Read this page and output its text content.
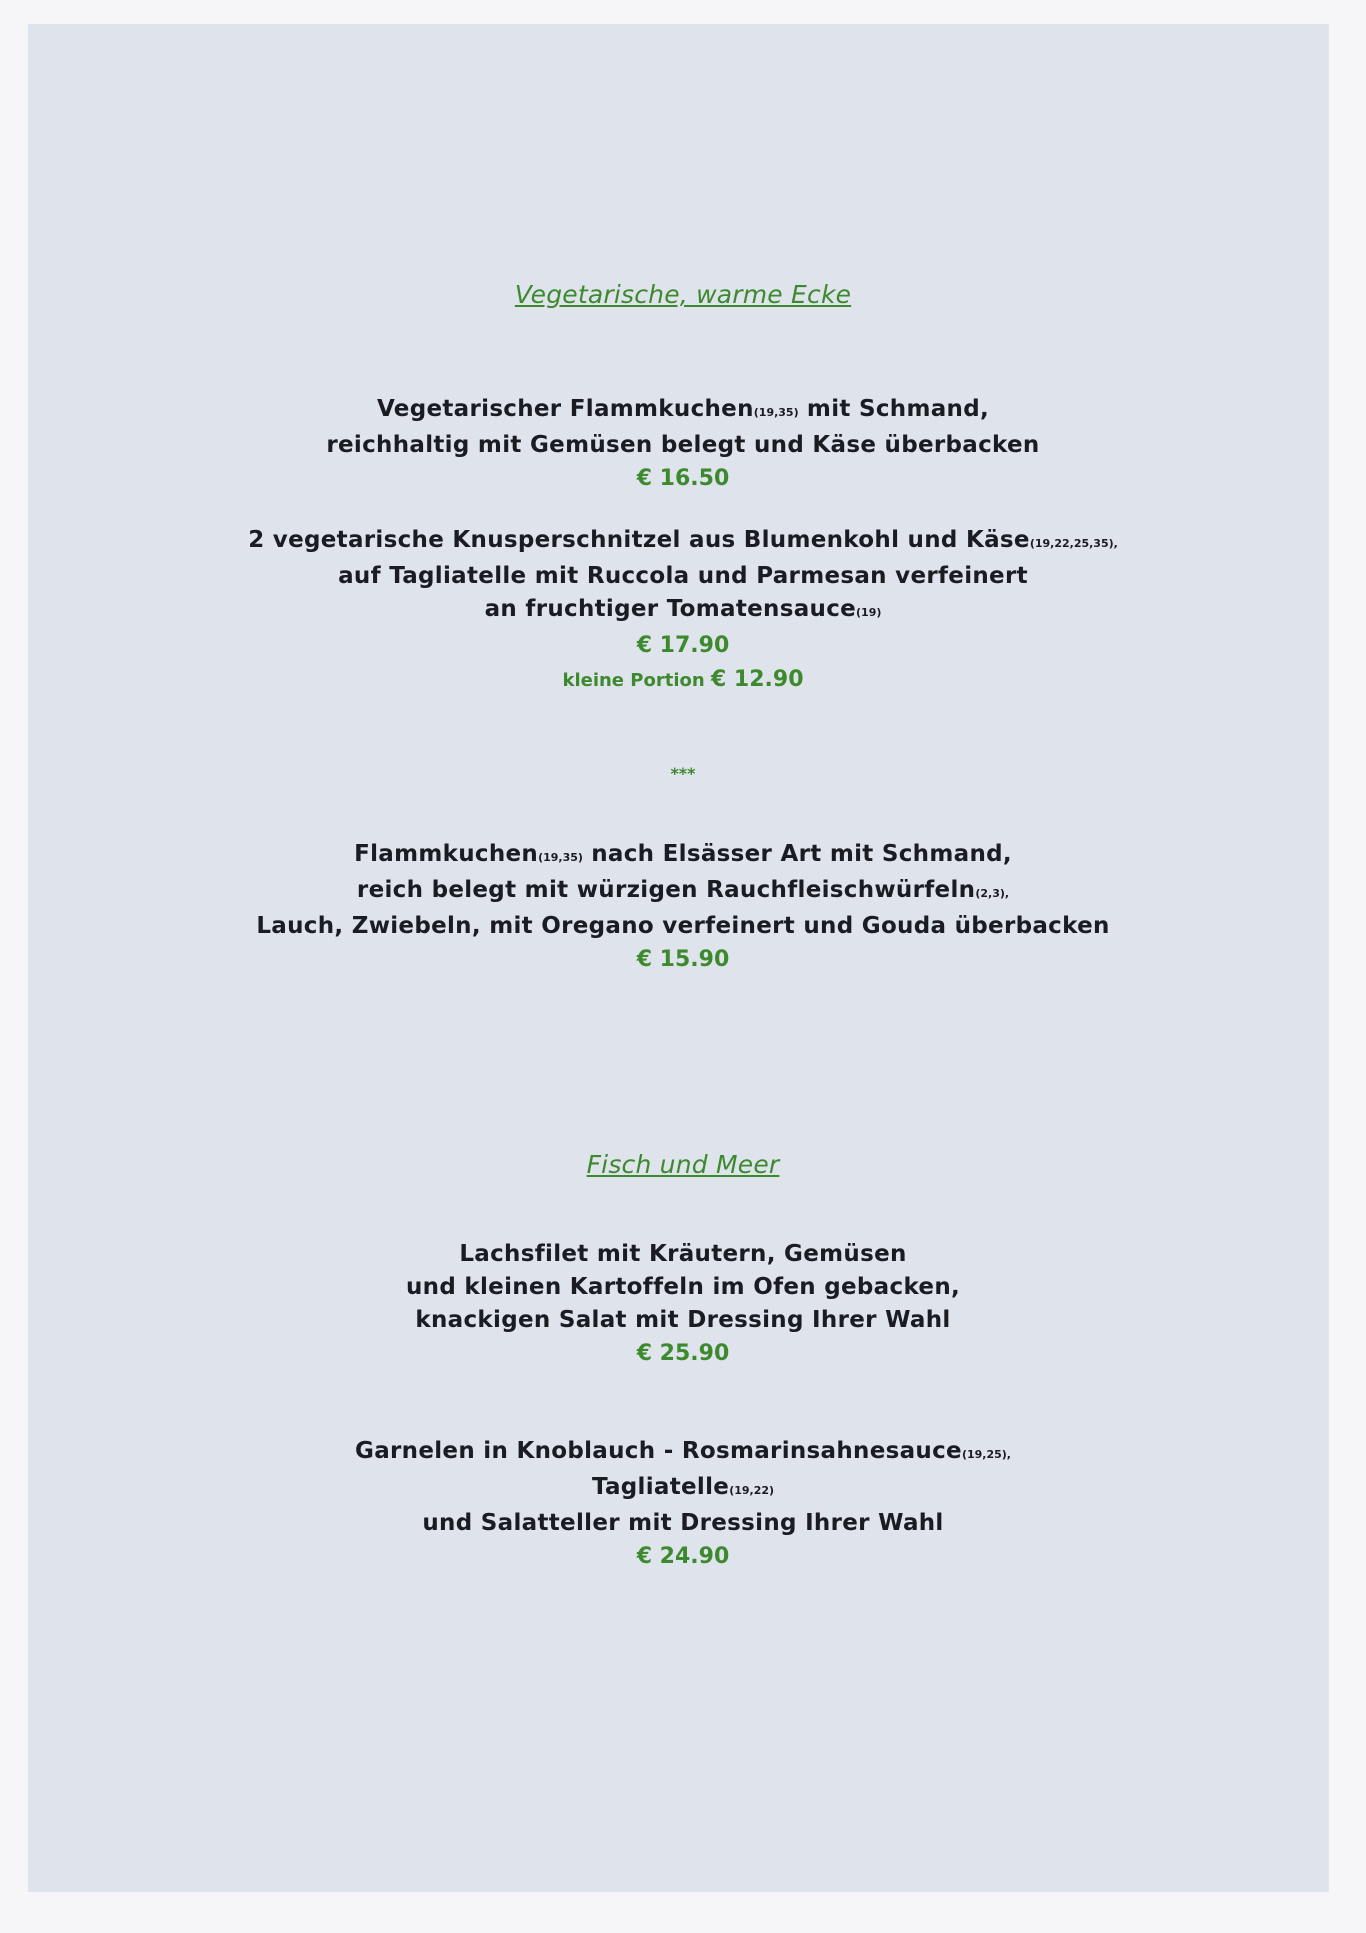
Vegetarische, warme Ecke
Vegetarischer Flammkuchen(19,35) mit Schmand,
reichhaltig mit Gemüsen belegt und Käse überbacken
€ 16.50
2 vegetarische Knusperschnitzel aus Blumenkohl und Käse(19,22,25,35),
auf Tagliatelle mit Ruccola und Parmesan verfeinert
an fruchtiger Tomatensauce(19)
€ 17.90
kleine Portion € 12.90
***
Flammkuchen(19,35) nach Elsässer Art mit Schmand,
reich belegt mit würzigen Rauchfleischwürfeln(2,3),
Lauch, Zwiebeln, mit Oregano verfeinert und Gouda überbacken
€ 15.90
Fisch und Meer
Lachsfilet mit Kräutern, Gemüsen
und kleinen Kartoffeln im Ofen gebacken,
knackigen Salat mit Dressing Ihrer Wahl
€ 25.90
Garnelen in Knoblauch - Rosmarinsahnesauce(19,25),
Tagliatelle(19,22)
und Salatteller mit Dressing Ihrer Wahl
€ 24.90
